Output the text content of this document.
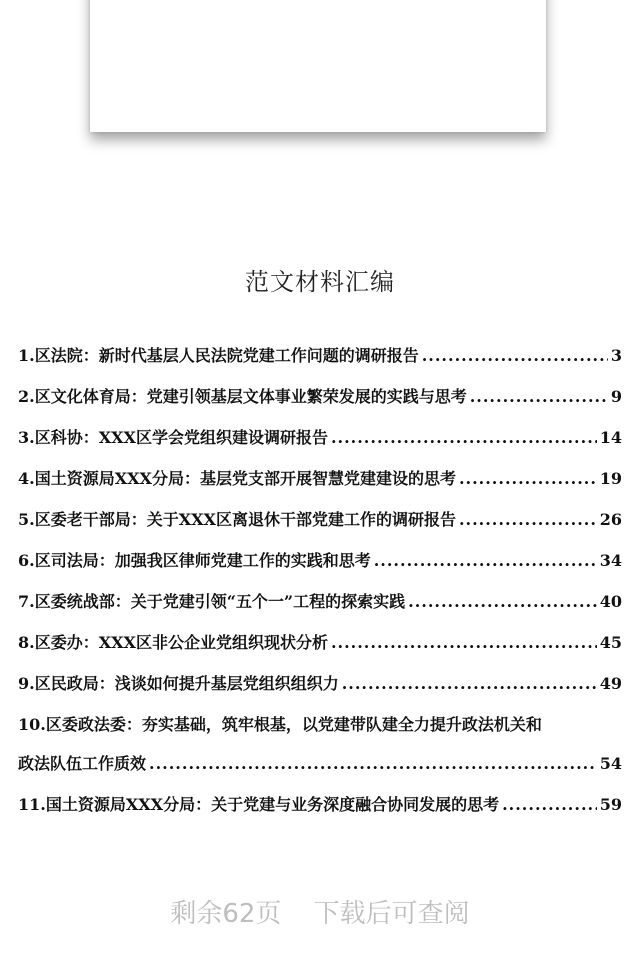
范文材料汇编
1.区法院：新时代基层人民法院党建工作问题的调研报告 .....	3
2.区文化体育局：党建引领基层文体事业繁荣发展的实践与思考 .....	9
3.区科协：XXX区学会党组织建设调研报告 .....	14
4.国土资源局XXX分局：基层党支部开展智慧党建建设的思考 .....	19
5.区委老干部局：关于XXX区离退休干部党建工作的调研报告 .....	26
6.区司法局：加强我区律师党建工作的实践和思考 .....	34
7.区委统战部：关于党建引领“五个一”工程的探索实践 .....	40
8.区委办：XXX区非公企业党组织现状分析 .....	45
9.区民政局：浅谈如何提升基层党组织组织力 .....	49
10.区委政法委：夯实基础，筑牢根基，以党建带队建全力提升政法机关和
政法队伍工作质效 .....	54
11.国土资源局XXX分局：关于党建与业务深度融合协同发展的思考 .....	59
剩余62页 下载后可查阅
